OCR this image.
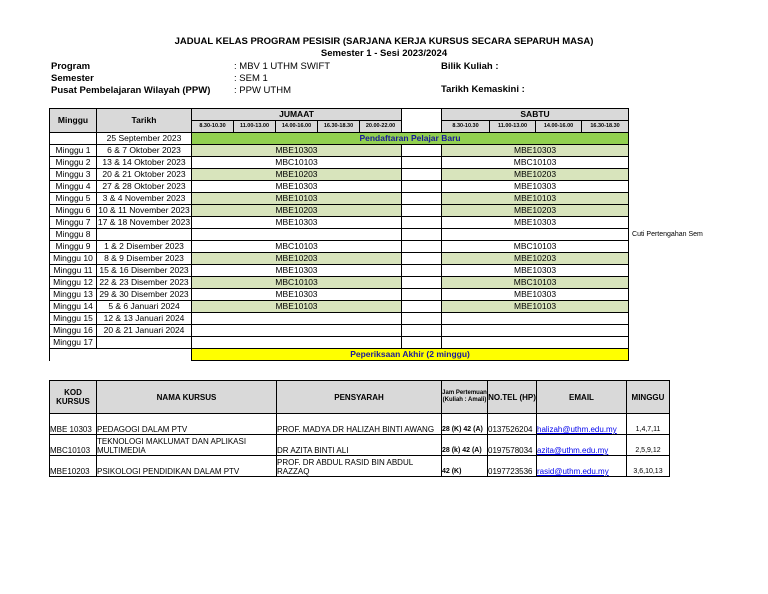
JADUAL KELAS PROGRAM PESISIR (SARJANA KERJA KURSUS SECARA SEPARUH MASA)
Semester 1 - Sesi 2023/2024
Program	: MBV 1 UTHM SWIFT
Semester	: SEM 1
Pusat Pembelajaran Wilayah (PPW) : PPW UTHM
Bilik Kuliah :
Tarikh Kemaskini :
Minggu	Tarikh	JUMAAT						SABTU			
		8.30-10.30	11.00-13.00	14.00-16.00	16.30-18.30	20.00-22.00		8.30-10.30	11.00-13.00	14.00-16.00	16.30-18.30
	25 September 2023	Pendaftaran Pelajar Baru									
Minggu 1	6 & 7 Oktober 2023	MBE10303						MBE10303			
Minggu 2	13 & 14 Oktober 2023	MBC10103						MBC10103			
Minggu 3	20 & 21 Oktober 2023	MBE10203						MBE10203			
Minggu 4	27 & 28 Oktober 2023	MBE10303						MBE10303			
Minggu 5	3 & 4 November 2023	MBE10103						MBE10103			
Minggu 6	10 & 11 November 2023	MBE10203						MBE10203			
Minggu 7	17 & 18 November 2023	MBE10303						MBE10303			
Minggu 8								Cuti Pertengahan Sem			

Minggu 9	1 & 2 Disember 2023	MBC10103						MBC10103			
Minggu 10	8 & 9 Disember 2023	MBE10203						MBE10203			
Minggu 11	15 & 16 Disember 2023	MBE10303						MBE10303			
Minggu 12	22 & 23 Disember 2023	MBC10103						MBC10103			
Minggu 13	29 & 30 Disember 2023	MBE10303						MBE10303			
Minggu 14	5 & 6 Januari 2024	MBE10103						MBE10103			
Minggu 15	12 & 13 Januari 2024										
Minggu 16	20 & 21 Januari 2024										
Minggu 17											
		Peperiksaan Akhir (2 minggu)									
KOD KURSUS	NAMA KURSUS	PENSYARAH	Jam Pertemuan (Kuliah : Amali)	NO.TEL (HP)	EMAIL	MINGGU
MBE 10303	PEDAGOGI DALAM PTV	PROF. MADYA DR HALIZAH BINTI AWANG	28 (K) 42 (A)	0137526204	halizah@uthm.edu.my	1,4,7,11
MBC10103	TEKNOLOGI MAKLUMAT DAN APLIKASI MULTIMEDIA	DR AZITA BINTI ALI	28 (k) 42 (A)	0197578034	azita@uthm.edu.my	2,5,9,12
MBE10203	PSIKOLOGI PENDIDIKAN DALAM PTV	PROF. DR ABDUL RASID BIN ABDUL RAZZAQ	42 (K)	0197723536	rasid@uthm.edu.my	3,6,10,13
